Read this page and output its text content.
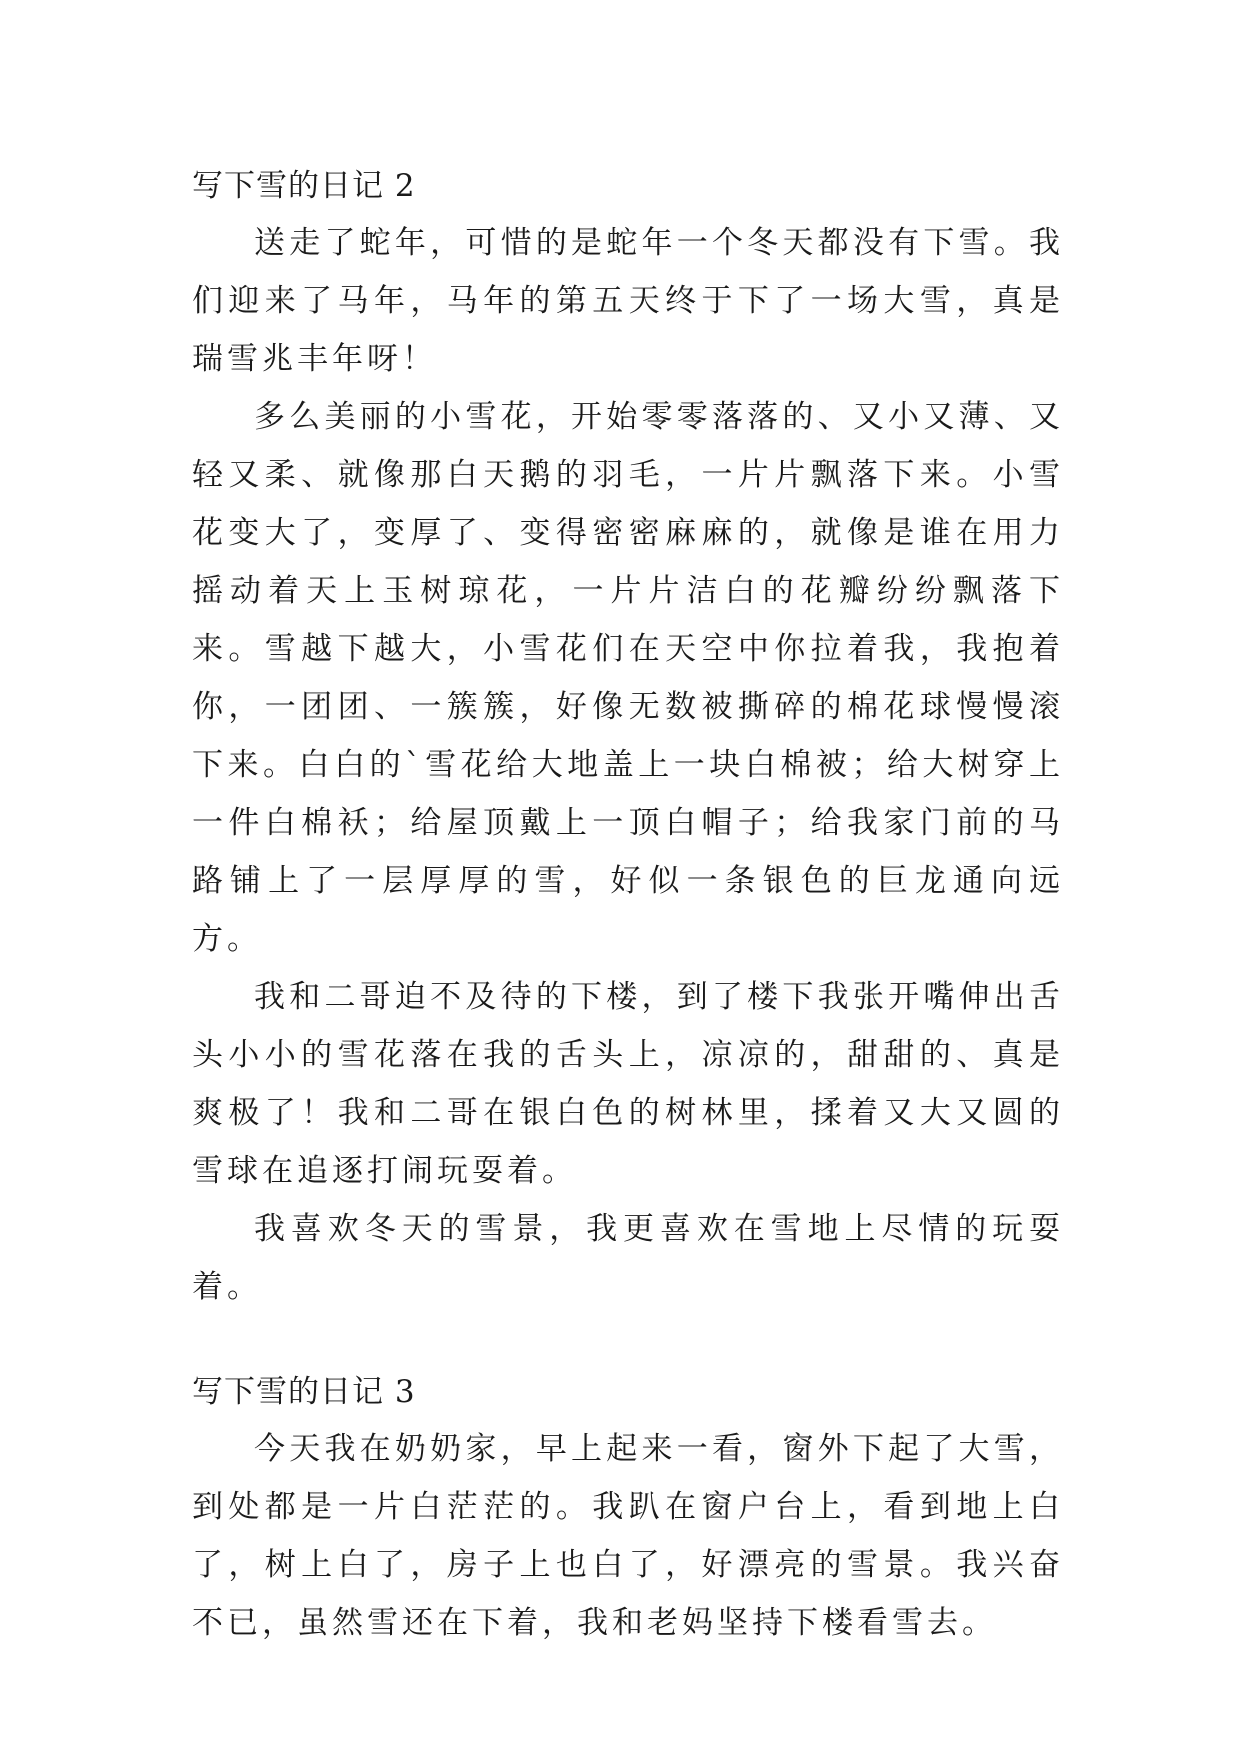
写下雪的日记 2

送走了蛇年，可惜的是蛇年一个冬天都没有下雪。我们迎来了马年，马年的第五天终于下了一场大雪，真是瑞雪兆丰年呀！

多么美丽的小雪花，开始零零落落的、又小又薄、又轻又柔、就像那白天鹅的羽毛，一片片飘落下来。小雪花变大了，变厚了、变得密密麻麻的，就像是谁在用力摇动着天上玉树琼花，一片片洁白的花瓣纷纷飘落下来。雪越下越大，小雪花们在天空中你拉着我，我抱着你，一团团、一簇簇，好像无数被撕碎的棉花球慢慢滚下来。白白的`雪花给大地盖上一块白棉被；给大树穿上一件白棉袄；给屋顶戴上一顶白帽子；给我家门前的马路铺上了一层厚厚的雪，好似一条银色的巨龙通向远方。

我和二哥迫不及待的下楼，到了楼下我张开嘴伸出舌头小小的雪花落在我的舌头上，凉凉的，甜甜的、真是爽极了！我和二哥在银白色的树林里，揉着又大又圆的雪球在追逐打闹玩耍着。

我喜欢冬天的雪景，我更喜欢在雪地上尽情的玩耍着。

写下雪的日记 3

今天我在奶奶家，早上起来一看，窗外下起了大雪，到处都是一片白茫茫的。我趴在窗户台上，看到地上白了，树上白了，房子上也白了，好漂亮的雪景。我兴奋不已，虽然雪还在下着，我和老妈坚持下楼看雪去。
